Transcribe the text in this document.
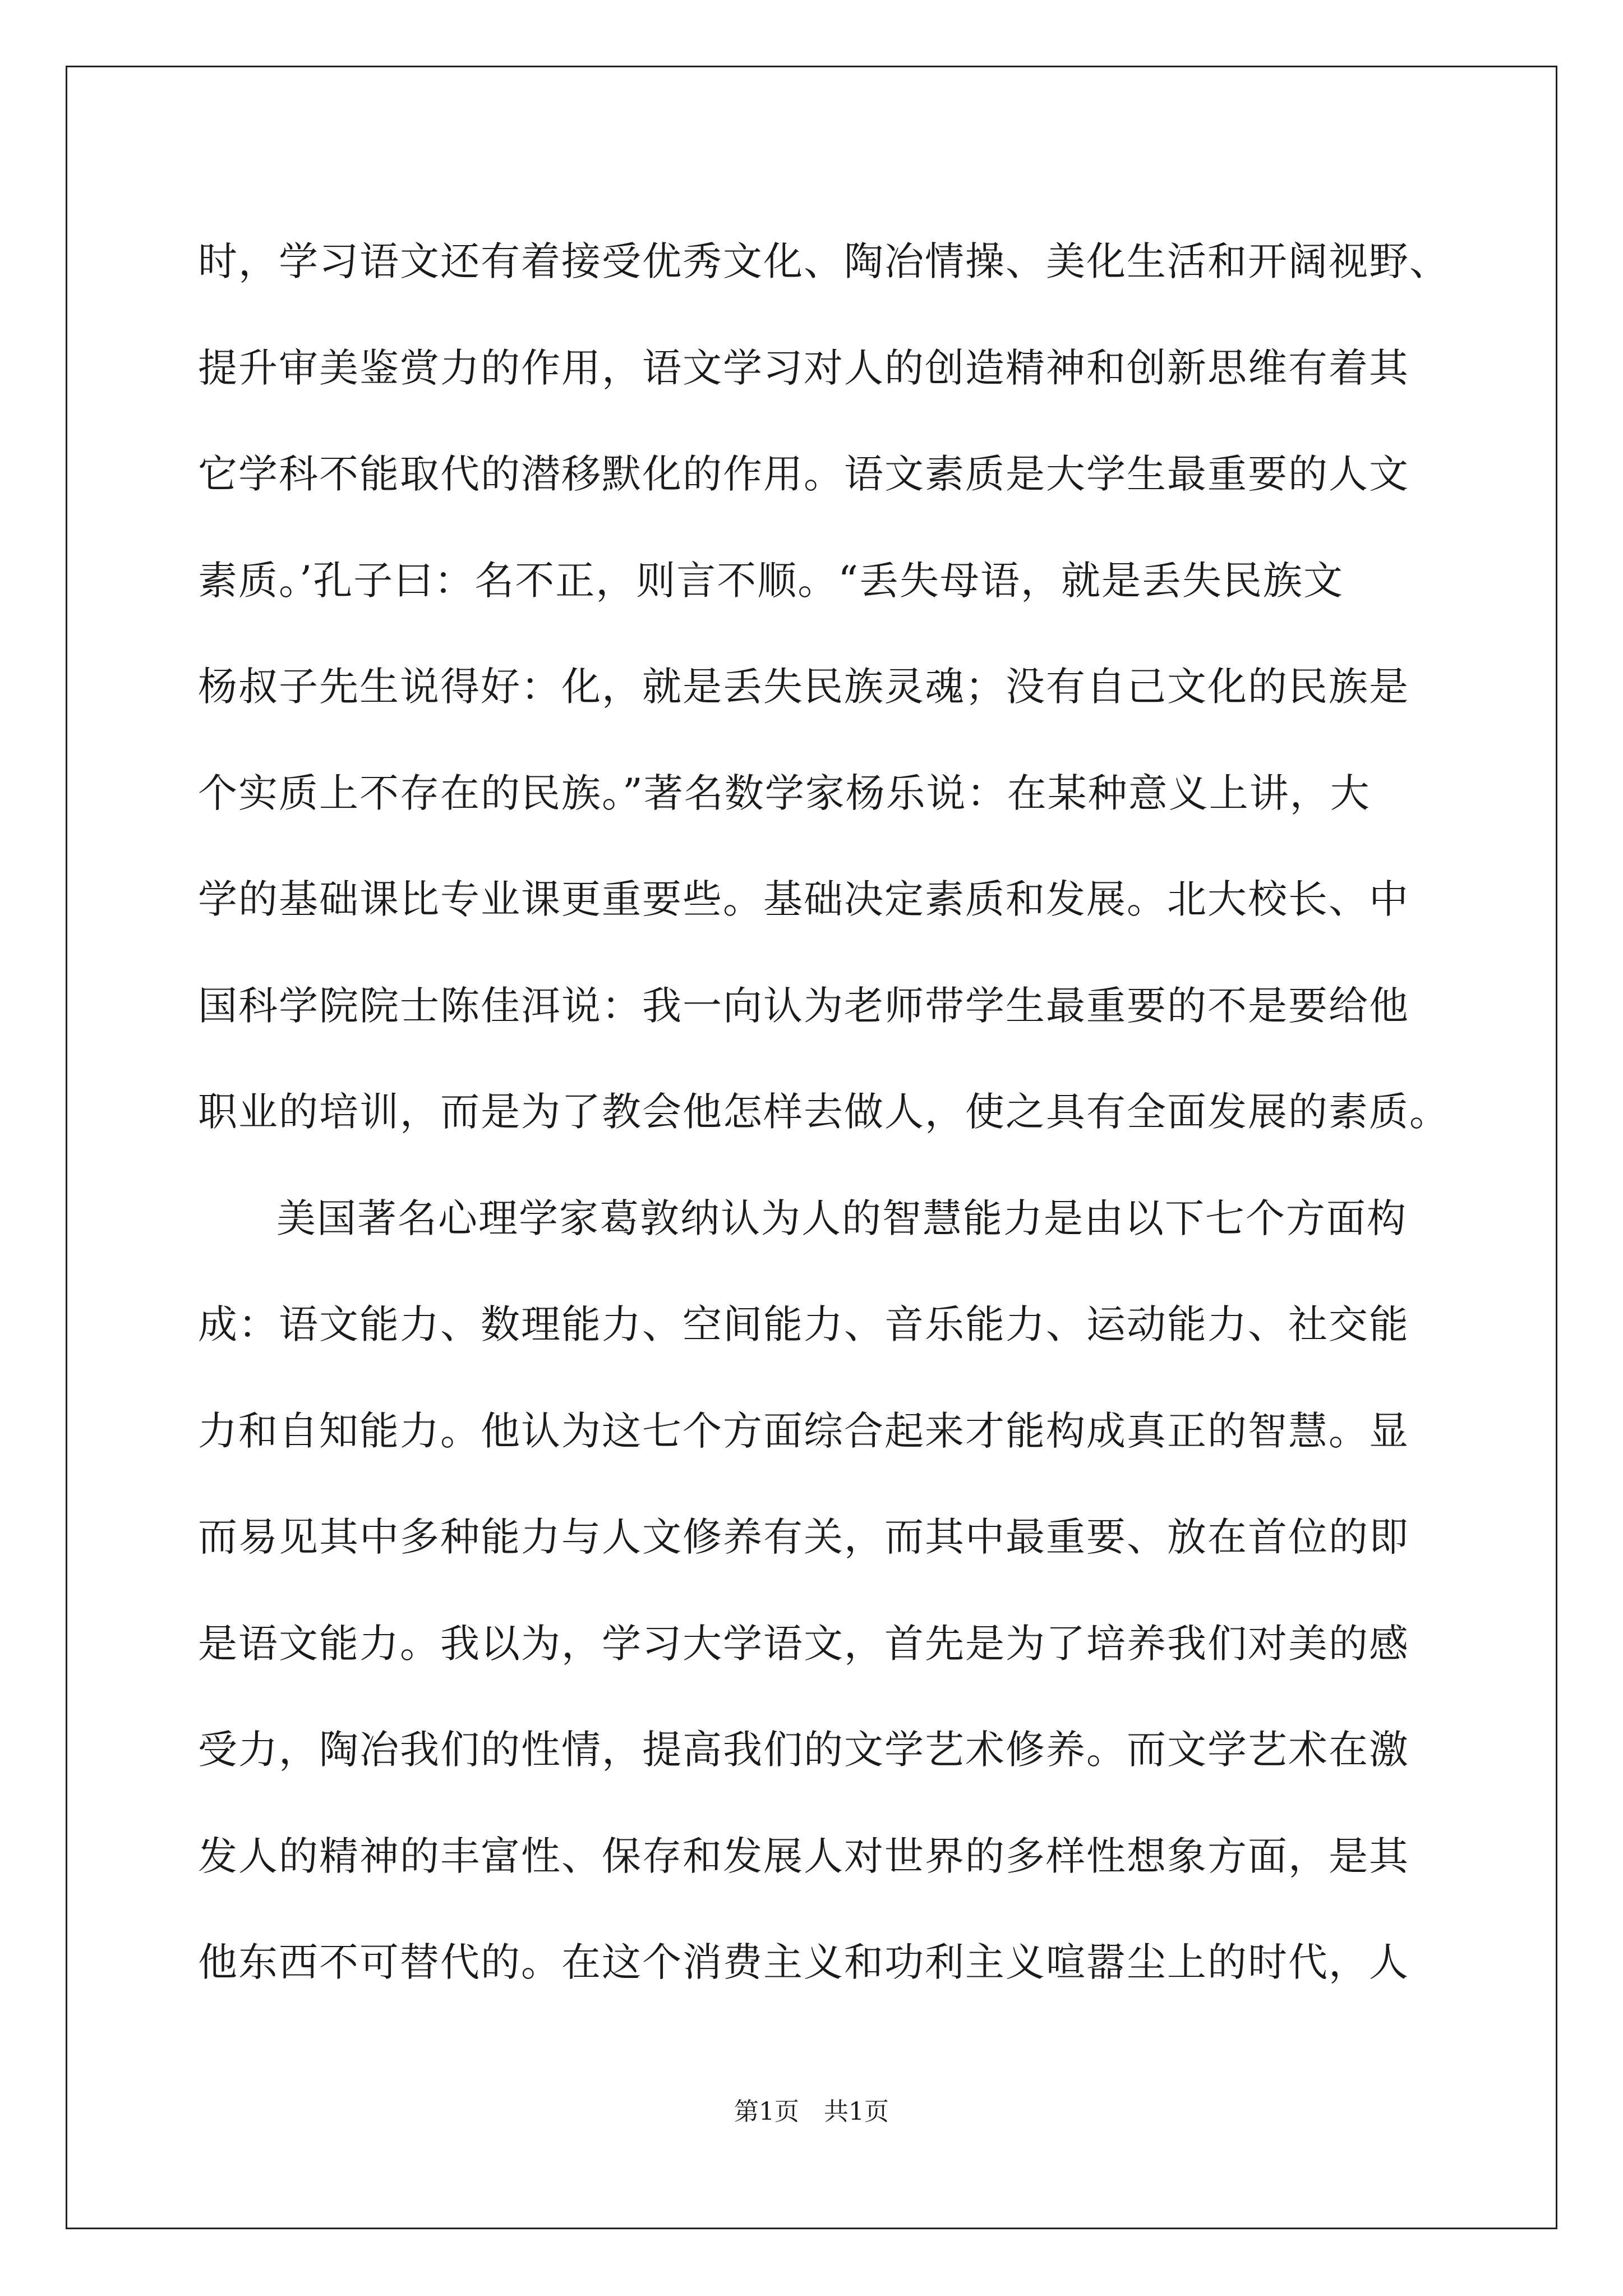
时，学习语文还有着接受优秀文化、陶冶情操、美化生活和开阔视野、
提升审美鉴赏力的作用，语文学习对人的创造精神和创新思维有着其
它学科不能取代的潜移默化的作用。语文素质是大学生最重要的人文
素质。’孔子曰：名不正，则言不顺。“丢失母语，就是丢失民族文
杨叔子先生说得好：化，就是丢失民族灵魂；没有自己文化的民族是
个实质上不存在的民族。”著名数学家杨乐说：在某种意义上讲，大
学的基础课比专业课更重要些。基础决定素质和发展。北大校长、中
国科学院院士陈佳洱说：我一向认为老师带学生最重要的不是要给他
职业的培训，而是为了教会他怎样去做人，使之具有全面发展的素质。
美国著名心理学家葛敦纳认为人的智慧能力是由以下七个方面构
成：语文能力、数理能力、空间能力、音乐能力、运动能力、社交能
力和自知能力。他认为这七个方面综合起来才能构成真正的智慧。显
而易见其中多种能力与人文修养有关，而其中最重要、放在首位的即
是语文能力。我以为，学习大学语文，首先是为了培养我们对美的感
受力，陶冶我们的性情，提高我们的文学艺术修养。而文学艺术在激
发人的精神的丰富性、保存和发展人对世界的多样性想象方面，是其
他东西不可替代的。在这个消费主义和功利主义喧嚣尘上的时代，人
第1页 共1页
